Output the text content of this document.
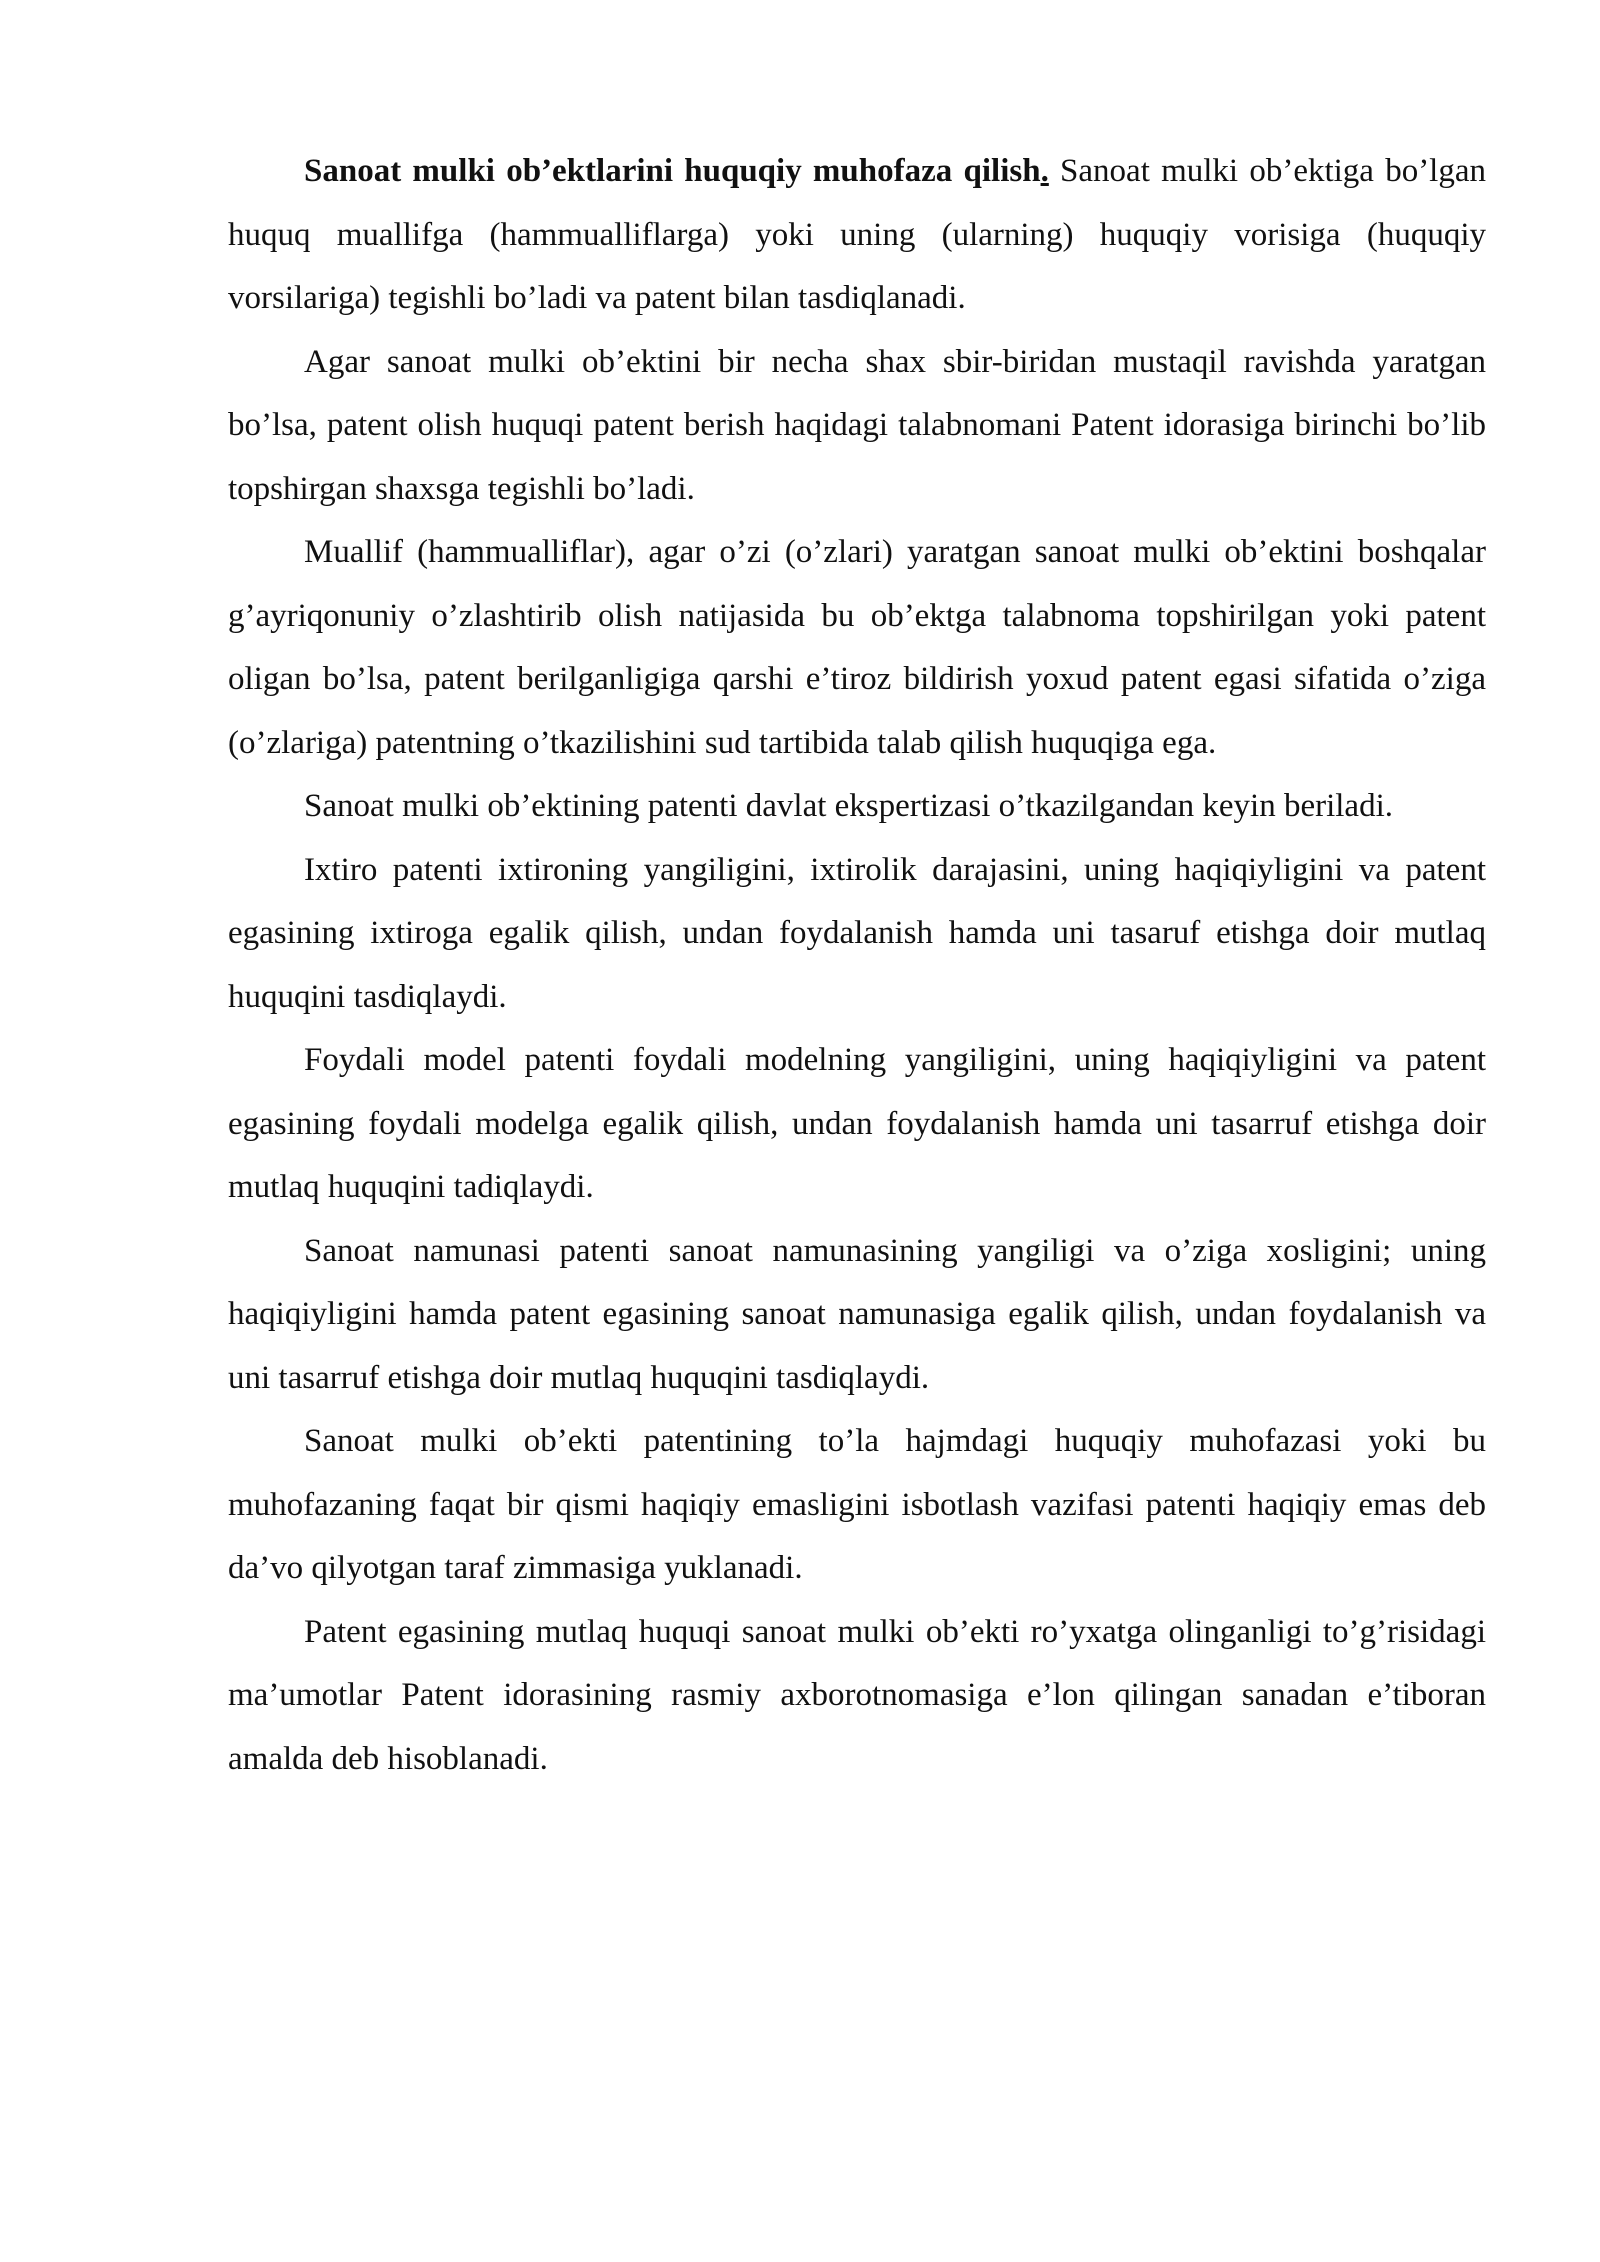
Sanoat mulki ob’ektlarini huquqiy muhofaza qilish. Sanoat mulki ob’ektiga bo’lgan huquq muallifga (hammualliflarga) yoki uning (ularning) huquqiy vorisiga (huquqiy vorsilariga) tegishli bo’ladi va patent bilan tasdiqlanadi.

Agar sanoat mulki ob’ektini bir necha shax sbir-biridan mustaqil ravishda yaratgan bo’lsa, patent olish huquqi patent berish haqidagi talabnomani Patent idorasiga birinchi bo’lib topshirgan shaxsga tegishli bo’ladi.

Muallif (hammualliflar), agar o’zi (o’zlari) yaratgan sanoat mulki ob’ektini boshqalar g’ayriqonuniy o’zlashtirib olish natijasida bu ob’ektga talabnoma topshirilgan yoki patent oligan bo’lsa, patent berilganligiga qarshi e’tiroz bildirish yoxud patent egasi sifatida o’ziga (o’zlariga) patentning o’tkazilishini sud tartibida talab qilish huquqiga ega.

Sanoat mulki ob’ektining patenti davlat ekspertizasi o’tkazilgandan keyin beriladi.

Ixtiro patenti ixtironing yangiligini, ixtirolik darajasini, uning haqiqiyligini va patent egasining ixtiroga egalik qilish, undan foydalanish hamda uni tasaruf etishga doir mutlaq huquqini tasdiqlaydi.

Foydali model patenti foydali modelning yangiligini, uning haqiqiyligini va patent egasining foydali modelga egalik qilish, undan foydalanish hamda uni tasarruf etishga doir mutlaq huquqini tadiqlaydi.

Sanoat namunasi patenti sanoat namunasining yangiligi va o’ziga xosligini; uning haqiqiyligini hamda patent egasining sanoat namunasiga egalik qilish, undan foydalanish va uni tasarruf etishga doir mutlaq huquqini tasdiqlaydi.

Sanoat mulki ob’ekti patentining to’la hajmdagi huquqiy muhofazasi yoki bu muhofazaning faqat bir qismi haqiqiy emasligini isbotlash vazifasi patenti haqiqiy emas deb da’vo qilyotgan taraf zimmasiga yuklanadi.

Patent egasining mutlaq huquqi sanoat mulki ob’ekti ro’yxatga olinganligi to’g’risidagi ma’umotlar Patent idorasining rasmiy axborotnomasiga e’lon qilingan sanadan e’tiboran amalda deb hisoblanadi.
